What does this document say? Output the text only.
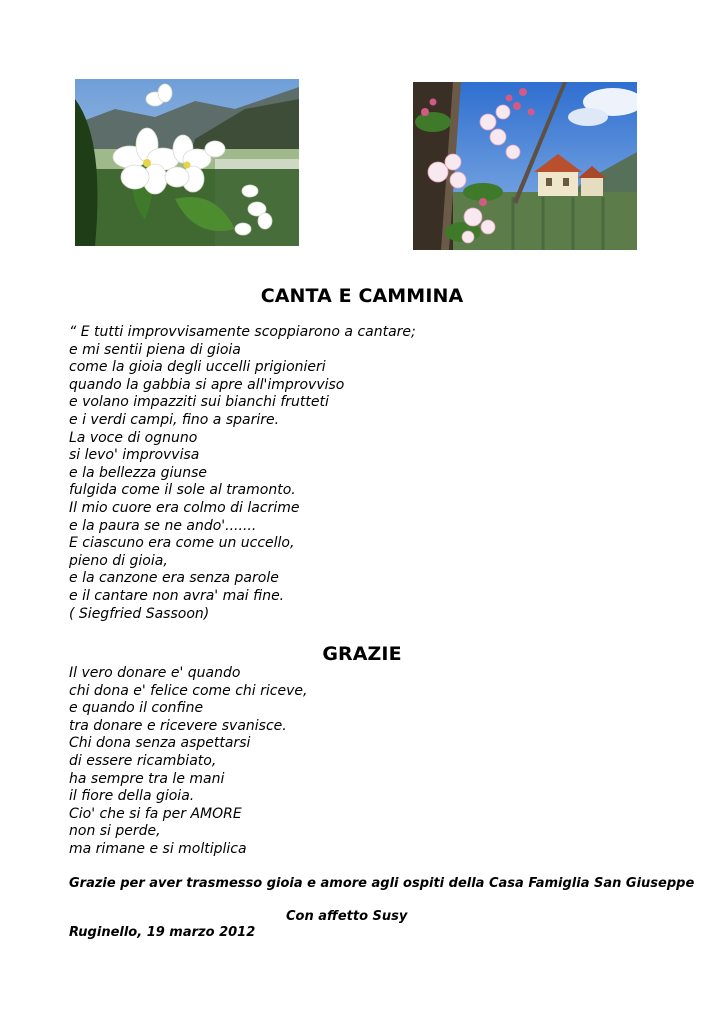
CANTA E CAMMINA
“ E tutti improvvisamente scoppiarono a cantare;
e mi sentii piena di gioia
come la gioia degli uccelli prigionieri
quando la gabbia si apre all'improvviso
e volano impazziti sui bianchi frutteti
e i verdi campi, fino a sparire.
La voce di ognuno
si levo' improvvisa
e la bellezza giunse
fulgida come il sole al tramonto.
Il mio cuore era colmo di lacrime
e la paura se ne ando'.......
E ciascuno era come un uccello,
pieno di gioia,
e la canzone era senza parole
e il cantare non avra' mai fine.
( Siegfried Sassoon)
GRAZIE
Il vero donare e' quando
chi dona e' felice come chi riceve,
e quando il confine
tra donare e ricevere svanisce.
Chi dona senza aspettarsi
di essere ricambiato,
ha sempre tra le mani
il fiore della gioia.
Cio' che si fa per AMORE
non si perde,
ma rimane e si moltiplica
Grazie per aver trasmesso gioia e amore agli ospiti della Casa Famiglia San Giuseppe
Con affetto Susy
Ruginello, 19 marzo 2012
